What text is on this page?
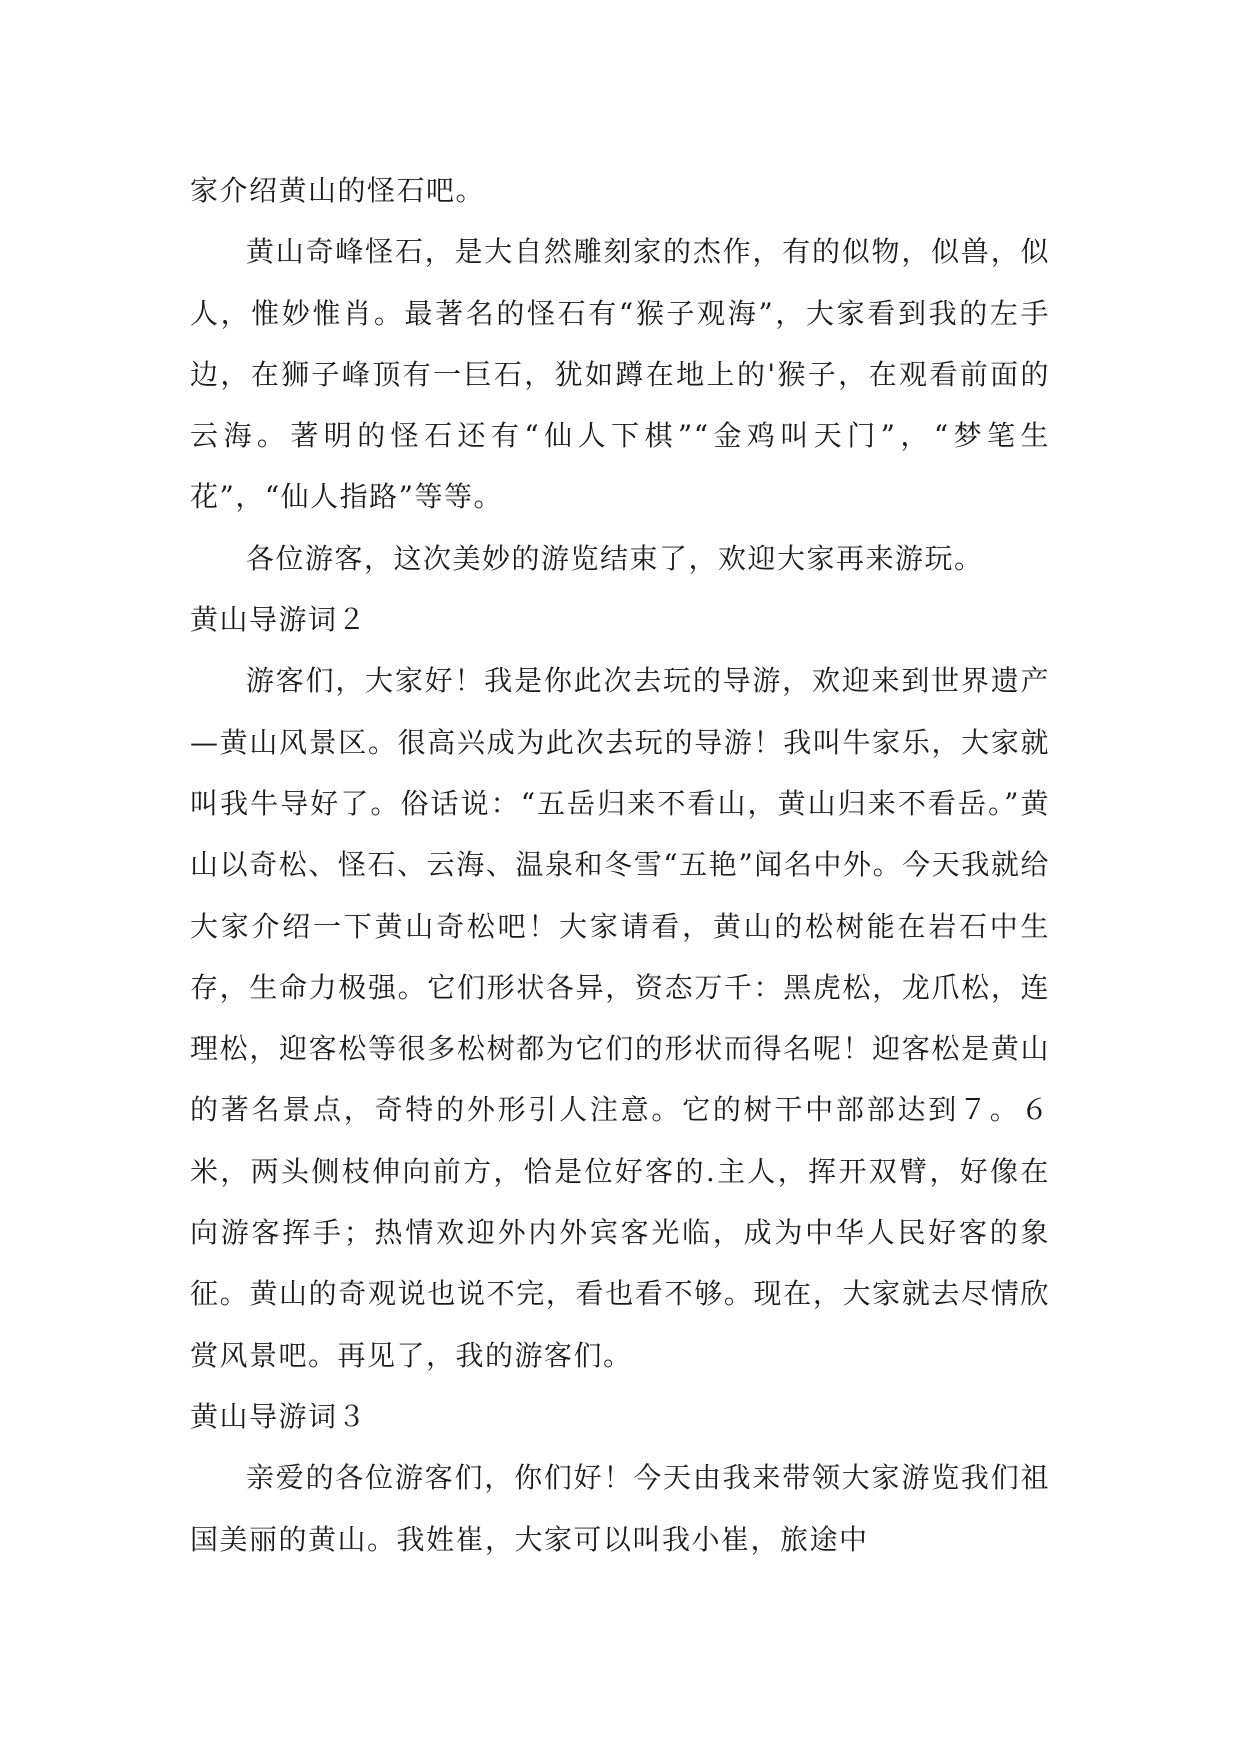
家介绍黄山的怪石吧。

黄山奇峰怪石，是大自然雕刻家的杰作，有的似物，似兽，似人，惟妙惟肖。最著名的怪石有“猴子观海”，大家看到我的左手边，在狮子峰顶有一巨石，犹如蹲在地上的'猴子，在观看前面的云海。著明的怪石还有“仙人下棋”“金鸡叫天门”，“梦笔生花”，“仙人指路”等等。

各位游客，这次美妙的游览结束了，欢迎大家再来游玩。

黄山导游词２

游客们，大家好！我是你此次去玩的导游，欢迎来到世界遗产—黄山风景区。很高兴成为此次去玩的导游！我叫牛家乐，大家就叫我牛导好了。俗话说：“五岳归来不看山，黄山归来不看岳。”黄山以奇松、怪石、云海、温泉和冬雪“五艳”闻名中外。今天我就给大家介绍一下黄山奇松吧！大家请看，黄山的松树能在岩石中生存，生命力极强。它们形状各异，资态万千：黑虎松，龙爪松，连理松，迎客松等很多松树都为它们的形状而得名呢！迎客松是黄山的著名景点，奇特的外形引人注意。它的树干中部部达到７。６米，两头侧枝伸向前方，恰是位好客的.主人，挥开双臂，好像在向游客挥手；热情欢迎外内外宾客光临，成为中华人民好客的象征。黄山的奇观说也说不完，看也看不够。现在，大家就去尽情欣赏风景吧。再见了，我的游客们。

黄山导游词３

亲爱的各位游客们，你们好！今天由我来带领大家游览我们祖国美丽的黄山。我姓崔，大家可以叫我小崔，旅途中
